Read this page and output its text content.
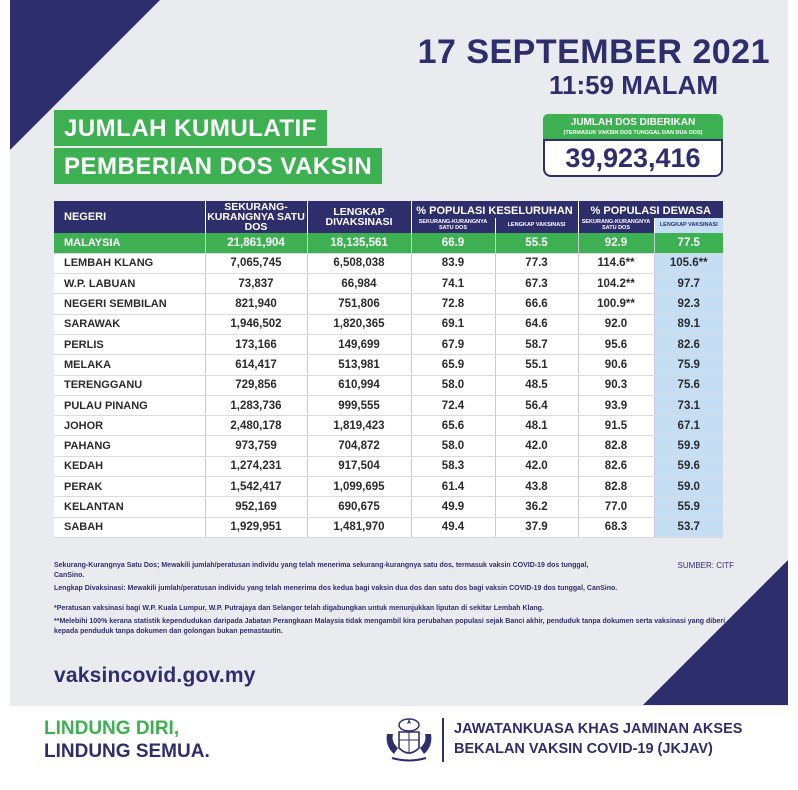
17 SEPTEMBER 2021
11:59 MALAM
JUMLAH KUMULATIF
PEMBERIAN DOS VAKSIN
JUMLAH DOS DIBERIKAN
(TERMASUK VAKSIN DOS TUNGGAL DAN DUA DOS)
39,923,416
NEGERI	SEKURANG-KURANGNYA SATU DOS	LENGKAP DIVAKSINASI	% POPULASI KESELURUHAN		% POPULASI DEWASA	
			SEKURANG-KURANGNYA SATU DOS	LENGKAP VAKSINASI	SEKURANG-KURANGNYA SATU DOS	LENGKAP VAKSINASI
MALAYSIA	21,861,904	18,135,561	66.9	55.5	92.9	77.5
LEMBAH KLANG	7,065,745	6,508,038	83.9	77.3	114.6**	105.6**
W.P. LABUAN	73,837	66,984	74.1	67.3	104.2**	97.7
NEGERI SEMBILAN	821,940	751,806	72.8	66.6	100.9**	92.3
SARAWAK	1,946,502	1,820,365	69.1	64.6	92.0	89.1
PERLIS	173,166	149,699	67.9	58.7	95.6	82.6
MELAKA	614,417	513,981	65.9	55.1	90.6	75.9
TERENGGANU	729,856	610,994	58.0	48.5	90.3	75.6
PULAU PINANG	1,283,736	999,555	72.4	56.4	93.9	73.1
JOHOR	2,480,178	1,819,423	65.6	48.1	91.5	67.1
PAHANG	973,759	704,872	58.0	42.0	82.8	59.9
KEDAH	1,274,231	917,504	58.3	42.0	82.6	59.6
PERAK	1,542,417	1,099,695	61.4	43.8	82.8	59.0
KELANTAN	952,169	690,675	49.9	36.2	77.0	55.9
SABAH	1,929,951	1,481,970	49.4	37.9	68.3	53.7

Sekurang-Kurangnya Satu Dos; Mewakili jumlah/peratusan individu yang telah menerima sekurang-kurangnya satu dos, termasuk vaksin COVID-19 dos tunggal, CanSino.
SUMBER: CITF

Lengkap Divaksinasi: Mewakili jumlah/peratusan individu yang telah menerima dos kedua bagi vaksin dua dos dan satu dos bagi vaksin COVID-19 dos tunggal, CanSino.

*Peratusan vaksinasi bagi W.P. Kuala Lumpur, W.P. Putrajaya dan Selangor telah digabungkan untuk menunjukkan liputan di sekitar Lembah Klang.

**Melebihi 100% kerana statistik kependudukan daripada Jabatan Perangkaan Malaysia tidak mengambil kira perubahan populasi sejak Banci akhir, penduduk tanpa dokumen serta vaksinasi yang diberi kepada penduduk tanpa dokumen dan golongan bukan pemastautin.

vaksincovid.gov.my
LINDUNG DIRI,
LINDUNG SEMUA.
JAWATANKUASA KHAS JAMINAN AKSES
BEKALAN VAKSIN COVID-19 (JKJAV)
